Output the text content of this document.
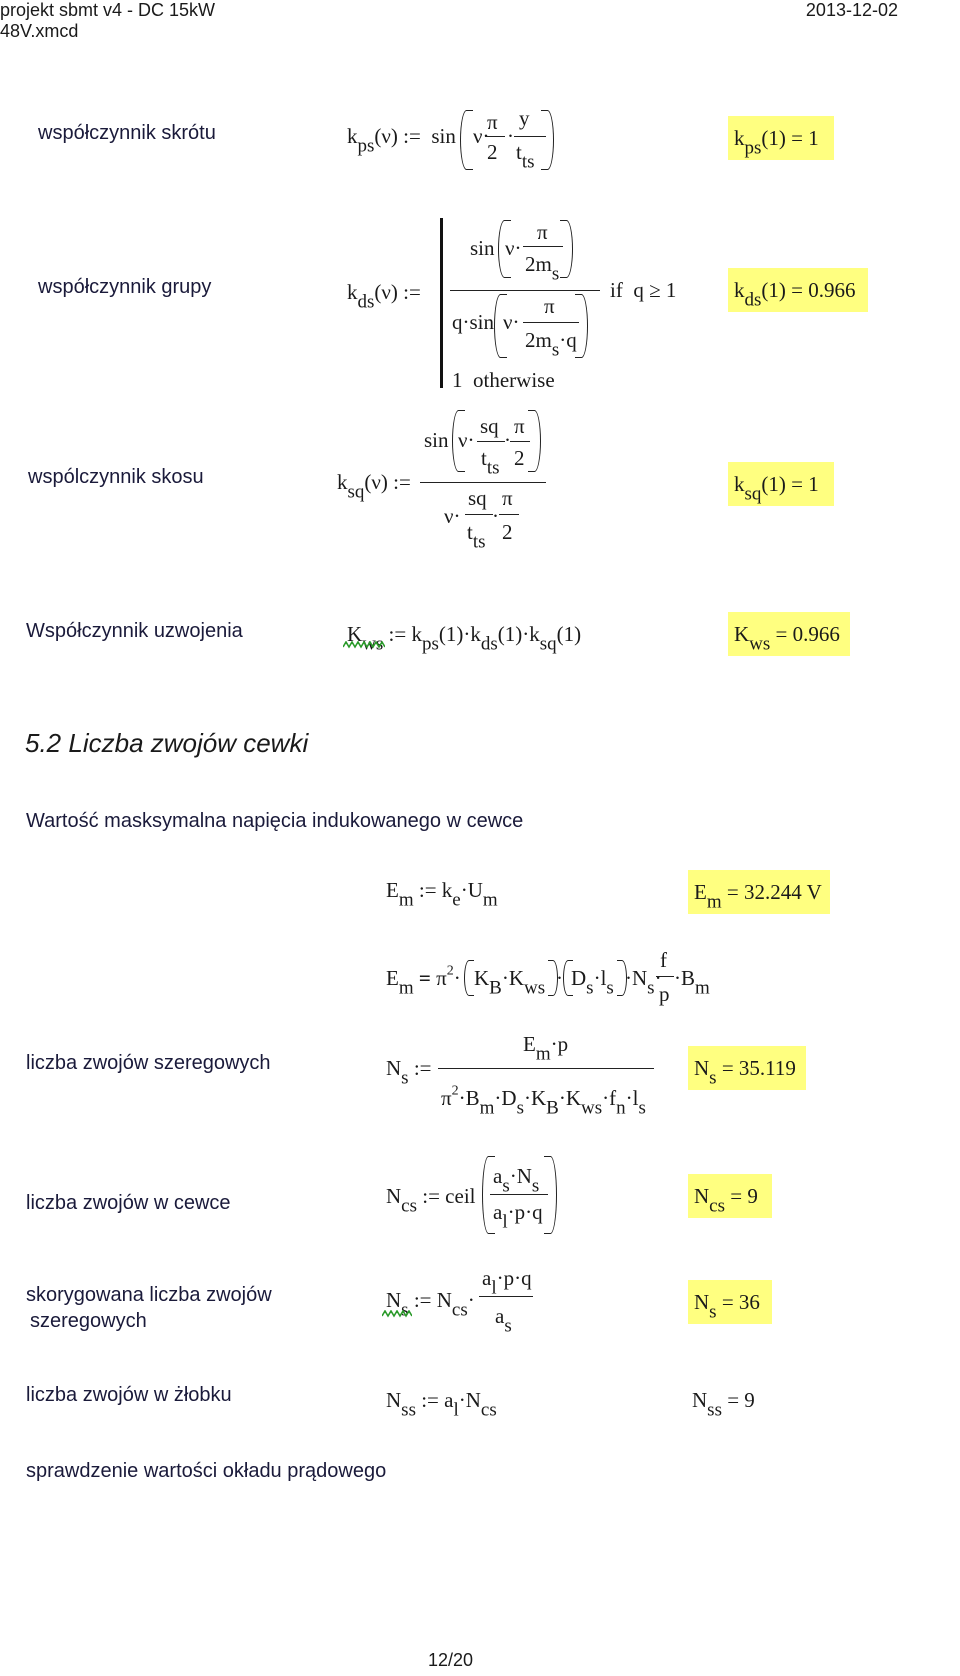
projekt sbmt v4 - DC 15kW
48V.xmcd
2013-12-02
współczynnik skrótu	$k_{ps}(\nu)$ :=  sin ν·
π
2
·
y
$t_{ts}$
$k_{ps}(1) = 1$
współczynnik grupy	$k_{ds}(\nu)$ :=
sin ν·
π
$2m_s$
q·sin ν·
π
$2m_s\cdot q$
if  q ≥ 1
1  otherwise
$k_{ds}(1) = 0.966$
wspólczynnik skosu	$k_{sq}(\nu)$ :=
sin ν·
sq
$t_{ts}$
·
π
2
ν·
sq
$t_{ts}$
·
π
2
$k_{sq}(1) = 1$
Współczynnik uzwojenia	$K_{ws}$ := $k_{ps}(1)\cdot k_{ds}(1)\cdot k_{sq}(1)$	$K_{ws} = 0.966$
5.2 Liczba zwojów cewki
Wartość masksymalna napięcia indukowanego w cewce
$E_m$ := $k_e\cdot U_m$	$E_m = 32.244$ V
$E_m = \pi^2\cdot K_B\cdot K_{ws} \cdot D_s\cdot l_s \cdot N_s\cdot$
f
p
$\cdot B_m$
liczba zwojów szeregowych	$N_s$ :=
$E_m\cdot p$
$\pi^2\cdot B_m\cdot D_s\cdot K_B\cdot K_{ws}\cdot f_n\cdot l_s$
$N_s = 35.119$
liczba zwojów w cewce	$N_{cs}$ := ceil
$a_s\cdot N_s$
$a_l\cdot p\cdot q$
$N_{cs} = 9$
skorygowana liczba zwojów
szeregowych
$N_s$ := $N_{cs}\cdot$
$a_l\cdot p\cdot q$
$a_s$
$N_s = 36$
liczba zwojów w żłobku	$N_{ss}$ := $a_l\cdot N_{cs}$	$N_{ss} = 9$
sprawdzenie wartości okładu prądowego
12/20
